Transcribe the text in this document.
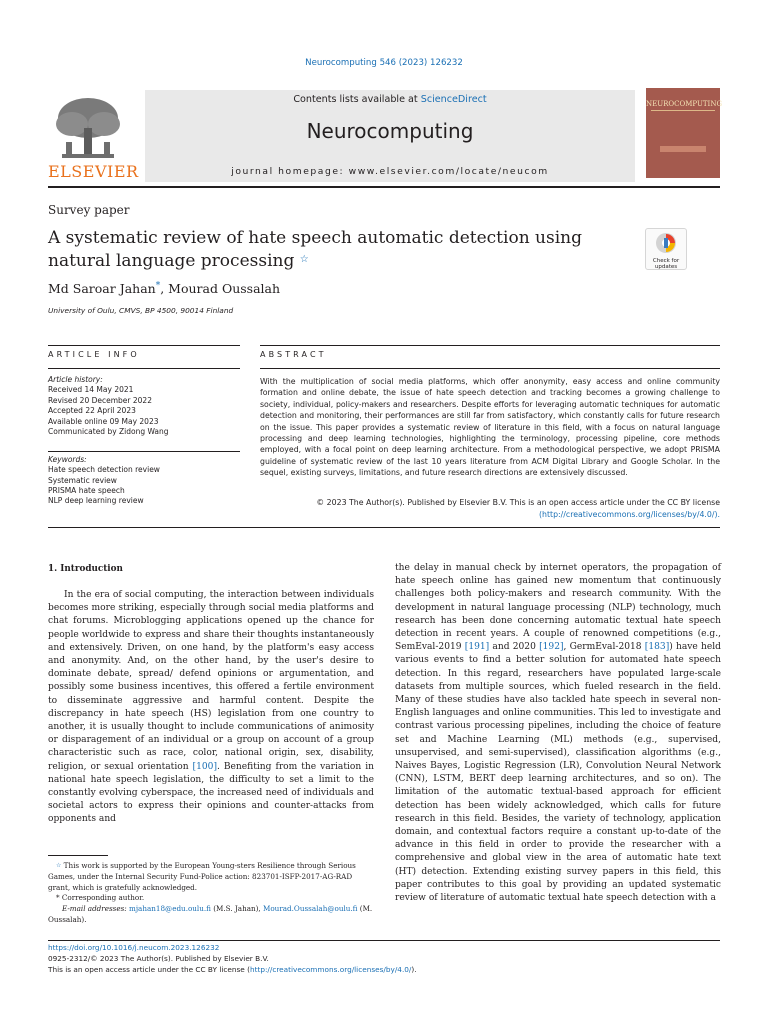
Neurocomputing 546 (2023) 126232
ELSEVIER
Contents lists available at ScienceDirect
Neurocomputing
journal homepage: www.elsevier.com/locate/neucom
NEUROCOMPUTING
Survey paper
A systematic review of hate speech automatic detection using natural language processing ☆	Check for updates
Md Saroar Jahan*, Mourad Oussalah
University of Oulu, CMVS, BP 4500, 90014 Finland
ARTICLE INFO	ABSTRACT
Article history:
Received 14 May 2021
Revised 20 December 2022
Accepted 22 April 2023
Available online 09 May 2023
Communicated by Zidong Wang
Keywords:
Hate speech detection review
Systematic review
PRISMA hate speech
NLP deep learning review
With the multiplication of social media platforms, which offer anonymity, easy access and online community formation and online debate, the issue of hate speech detection and tracking becomes a growing challenge to society, individual, policy-makers and researchers. Despite efforts for leveraging automatic techniques for automatic detection and monitoring, their performances are still far from satisfactory, which constantly calls for future research on the issue. This paper provides a systematic review of literature in this field, with a focus on natural language processing and deep learning technologies, highlighting the terminology, processing pipeline, core methods employed, with a focal point on deep learning architecture. From a methodological perspective, we adopt PRISMA guideline of systematic review of the last 10 years literature from ACM Digital Library and Google Scholar. In the sequel, existing surveys, limitations, and future research directions are extensively discussed.
© 2023 The Author(s). Published by Elsevier B.V. This is an open access article under the CC BY license
(http://creativecommons.org/licenses/by/4.0/).
1. Introduction
In the era of social computing, the interaction between individuals becomes more striking, especially through social media platforms and chat forums. Microblogging applications opened up the chance for people worldwide to express and share their thoughts instantaneously and extensively. Driven, on one hand, by the platform's easy access and anonymity. And, on the other hand, by the user's desire to dominate debate, spread/ defend opinions or argumentation, and possibly some business incentives, this offered a fertile environment to disseminate aggressive and harmful content. Despite the discrepancy in hate speech (HS) legislation from one country to another, it is usually thought to include communications of animosity or disparagement of an individual or a group on account of a group characteristic such as race, color, national origin, sex, disability, religion, or sexual orientation [100]. Benefiting from the variation in national hate speech legislation, the difficulty to set a limit to the constantly evolving cyberspace, the increased need of individuals and societal actors to express their opinions and counter-attacks from opponents and
the delay in manual check by internet operators, the propagation of hate speech online has gained new momentum that continuously challenges both policy-makers and research community. With the development in natural language processing (NLP) technology, much research has been done concerning automatic textual hate speech detection in recent years. A couple of renowned competitions (e.g., SemEval-2019 [191] and 2020 [192], GermEval-2018 [183]) have held various events to find a better solution for automated hate speech detection. In this regard, researchers have populated large-scale datasets from multiple sources, which fueled research in the field. Many of these studies have also tackled hate speech in several non-English languages and online communities. This led to investigate and contrast various processing pipelines, including the choice of feature set and Machine Learning (ML) methods (e.g., supervised, unsupervised, and semi-supervised), classification algorithms (e.g., Naives Bayes, Logistic Regression (LR), Convolution Neural Network (CNN), LSTM, BERT deep learning architectures, and so on). The limitation of the automatic textual-based approach for efficient detection has been widely acknowledged, which calls for future research in this field. Besides, the variety of technology, application domain, and contextual factors require a constant up-to-date of the advance in this field in order to provide the researcher with a comprehensive and global view in the area of automatic hate text (HT) detection. Extending existing survey papers in this field, this paper contributes to this goal by providing an updated systematic review of literature of automatic textual hate speech detection with a

☆ This work is supported by the European Young-sters Resilience through Serious Games, under the Internal Security Fund-Police action: 823701-ISFP-2017-AG-RAD grant, which is gratefully acknowledged.

* Corresponding author.

E-mail addresses: mjahan18@edu.oulu.fi (M.S. Jahan), Mourad.Oussalah@oulu.fi (M. Oussalah).

https://doi.org/10.1016/j.neucom.2023.126232
0925-2312/© 2023 The Author(s). Published by Elsevier B.V.
This is an open access article under the CC BY license (http://creativecommons.org/licenses/by/4.0/).
